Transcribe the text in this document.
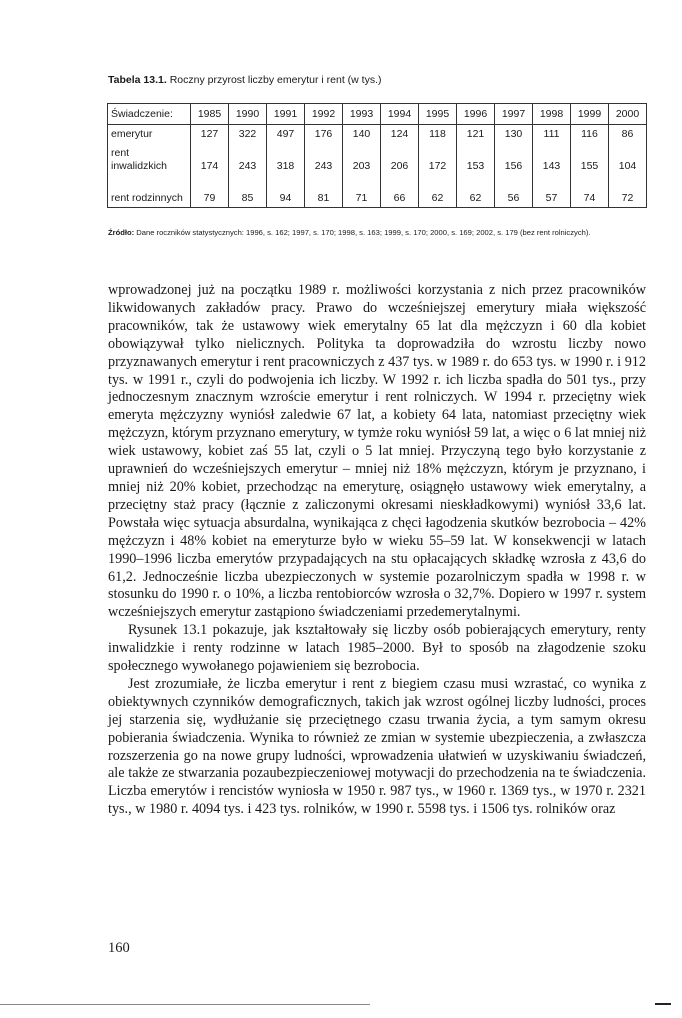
Tabela 13.1. Roczny przyrost liczby emerytur i rent (w tys.)
Świadczenie:	1985	1990	1991	1992	1993	1994	1995	1996	1997	1998	1999	2000
emerytur	127	322	497	176	140	124	118	121	130	111	116	86
rent inwalidzkich	174	243	318	243	203	206	172	153	156	143	155	104
rent rodzinnych	79	85	94	81	71	66	62	62	56	57	74	72
Źródło: Dane roczników statystycznych: 1996, s. 162; 1997, s. 170; 1998, s. 163; 1999, s. 170; 2000, s. 169; 2002, s. 179 (bez rent rolniczych).

wprowadzonej już na początku 1989 r. możliwości korzystania z nich przez pracowników likwidowanych zakładów pracy. Prawo do wcześniejszej emerytury miała większość pracowników, tak że ustawowy wiek emerytalny 65 lat dla mężczyzn i 60 dla kobiet obowiązywał tylko nielicznych. Polityka ta doprowadziła do wzrostu liczby nowo przyznawanych emerytur i rent pracowniczych z 437 tys. w 1989 r. do 653 tys. w 1990 r. i 912 tys. w 1991 r., czyli do podwojenia ich liczby. W 1992 r. ich liczba spadła do 501 tys., przy jednoczesnym znacznym wzroście emerytur i rent rolniczych. W 1994 r. przeciętny wiek emeryta mężczyzny wyniósł zaledwie 67 lat, a kobiety 64 lata, natomiast przeciętny wiek mężczyzn, którym przyznano emerytury, w tymże roku wyniósł 59 lat, a więc o 6 lat mniej niż wiek ustawowy, kobiet zaś 55 lat, czyli o 5 lat mniej. Przyczyną tego było korzystanie z uprawnień do wcześniejszych emerytur – mniej niż 18% mężczyzn, którym je przyznano, i mniej niż 20% kobiet, przechodząc na emeryturę, osiągnęło ustawowy wiek emerytalny, a przeciętny staż pracy (łącznie z zaliczonymi okresami nieskładkowymi) wyniósł 33,6 lat. Powstała więc sytuacja absurdalna, wynikająca z chęci łagodzenia skutków bezrobocia – 42% mężczyzn i 48% kobiet na emeryturze było w wieku 55–59 lat. W konsekwencji w latach 1990–1996 liczba emerytów przypadających na stu opłacających składkę wzrosła z 43,6 do 61,2. Jednocześnie liczba ubezpieczonych w systemie pozarolniczym spadła w 1998 r. w stosunku do 1990 r. o 10%, a liczba rentobiorców wzrosła o 32,7%. Dopiero w 1997 r. system wcześniejszych emerytur zastąpiono świadczeniami przedemerytalnymi.

Rysunek 13.1 pokazuje, jak kształtowały się liczby osób pobierających emerytury, renty inwalidzkie i renty rodzinne w latach 1985–2000. Był to sposób na złagodzenie szoku społecznego wywołanego pojawieniem się bezrobocia.

Jest zrozumiałe, że liczba emerytur i rent z biegiem czasu musi wzrastać, co wynika z obiektywnych czynników demograficznych, takich jak wzrost ogólnej liczby ludności, proces jej starzenia się, wydłużanie się przeciętnego czasu trwania życia, a tym samym okresu pobierania świadczenia. Wynika to również ze zmian w systemie ubezpieczenia, a zwłaszcza rozszerzenia go na nowe grupy ludności, wprowadzenia ułatwień w uzyskiwaniu świadczeń, ale także ze stwarzania pozaubezpieczeniowej motywacji do przechodzenia na te świadczenia. Liczba emerytów i rencistów wyniosła w 1950 r. 987 tys., w 1960 r. 1369 tys., w 1970 r. 2321 tys., w 1980 r. 4094 tys. i 423 tys. rolników, w 1990 r. 5598 tys. i 1506 tys. rolników oraz

160
